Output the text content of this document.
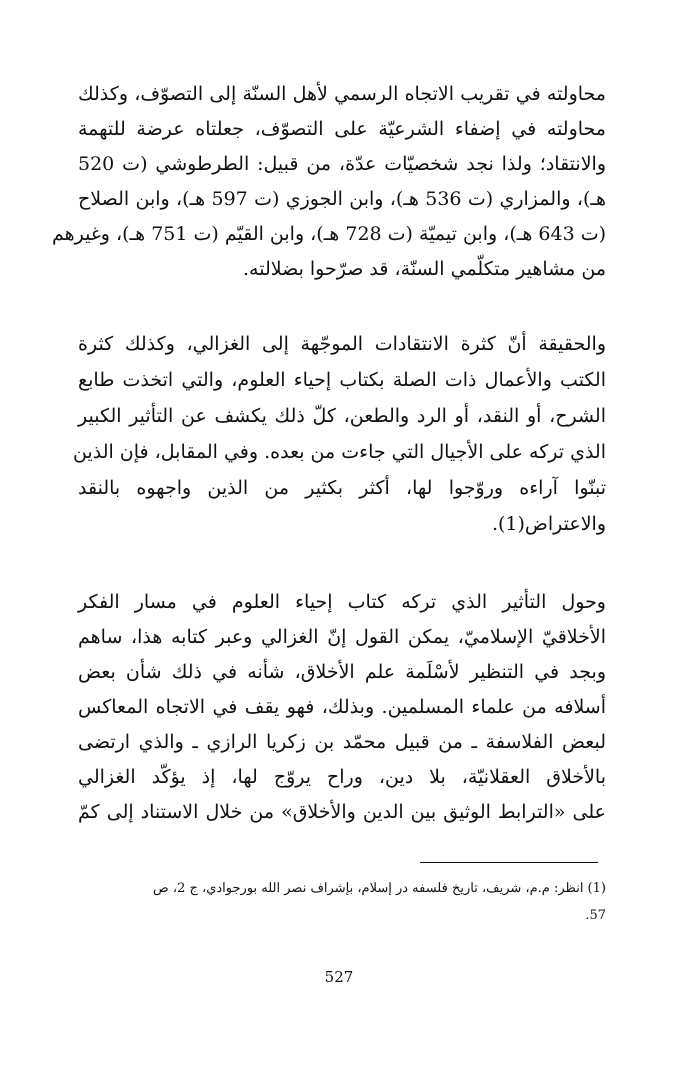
محاولته في تقريب الاتجاه الرسمي لأهل السنّة إلى التصوّف، وكذلك
محاولته في إضفاء الشرعيّة على التصوّف، جعلتاه عرضة للتهمة
والانتقاد؛ ولذا نجد شخصيّات عدّة، من قبيل: الطرطوشي (ت 520
هـ)، والمزاري (ت 536 هـ)، وابن الجوزي (ت 597 هـ)، وابن الصلاح
(ت 643 هـ)، وابن تيميّة (ت 728 هـ)، وابن القيّم (ت 751 هـ)، وغيرهم
من مشاهير متكلّمي السنّة، قد صرّحوا بضلالته.
والحقيقة أنّ كثرة الانتقادات الموجّهة إلى الغزالي، وكذلك كثرة
الكتب والأعمال ذات الصلة بكتاب إحياء العلوم، والتي اتخذت طابع
الشرح، أو النقد، أو الرد والطعن، كلّ ذلك يكشف عن التأثير الكبير
الذي تركه على الأجيال التي جاءت من بعده. وفي المقابل، فإن الذين
تبنّوا آراءه وروّجوا لها، أكثر بكثير من الذين واجهوه بالنقد
والاعتراض(1).
وحول التأثير الذي تركه كتاب إحياء العلوم في مسار الفكر
الأخلاقيّ الإسلاميّ، يمكن القول إنّ الغزالي وعبر كتابه هذا، ساهم
وبجد في التنظير لأسْلَمة علم الأخلاق، شأنه في ذلك شأن بعض
أسلافه من علماء المسلمين. وبذلك، فهو يقف في الاتجاه المعاكس
لبعض الفلاسفة ـ من قبيل محمّد بن زكريا الرازي ـ والذي ارتضى
بالأخلاق العقلانيّة، بلا دين، وراح يروّج لها، إذ يؤكّد الغزالي
على «الترابط الوثيق بين الدين والأخلاق» من خلال الاستناد إلى كمّ
(1) انظر: م.م، شريف، تاريخ فلسفه در إسلام، بإشراف نصر الله بورجوادي، ج 2، ص
57.
527
